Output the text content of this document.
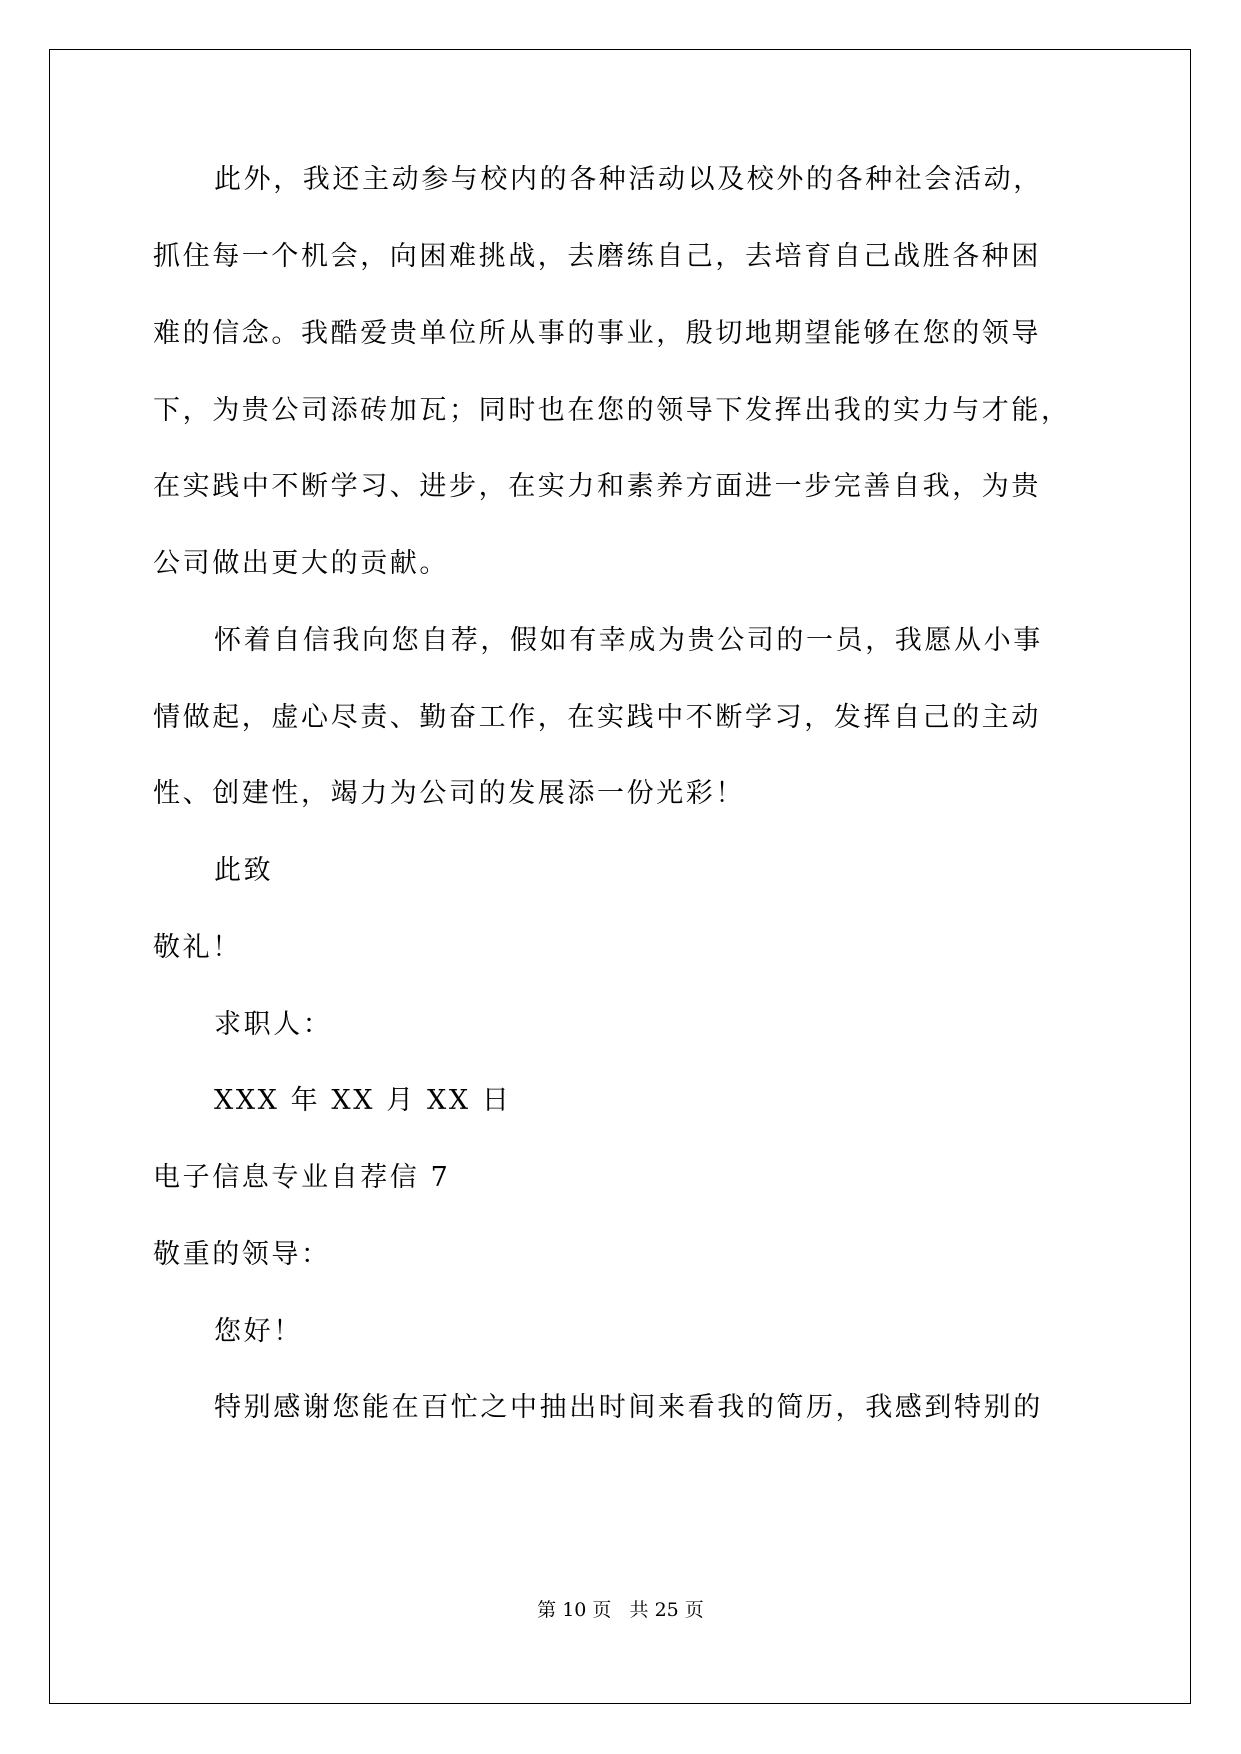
此外，我还主动参与校内的各种活动以及校外的各种社会活动，
抓住每一个机会，向困难挑战，去磨练自己，去培育自己战胜各种困
难的信念。我酷爱贵单位所从事的事业，殷切地期望能够在您的领导
下，为贵公司添砖加瓦；同时也在您的领导下发挥出我的实力与才能，
在实践中不断学习、进步，在实力和素养方面进一步完善自我，为贵
公司做出更大的贡献。
怀着自信我向您自荐，假如有幸成为贵公司的一员，我愿从小事
情做起，虚心尽责、勤奋工作，在实践中不断学习，发挥自己的主动
性、创建性，竭力为公司的发展添一份光彩！
此致
敬礼！
求职人：
XXX 年 XX 月 XX 日
电子信息专业自荐信 7
敬重的领导：
您好！
特别感谢您能在百忙之中抽出时间来看我的简历，我感到特别的
第 10 页   共 25 页
